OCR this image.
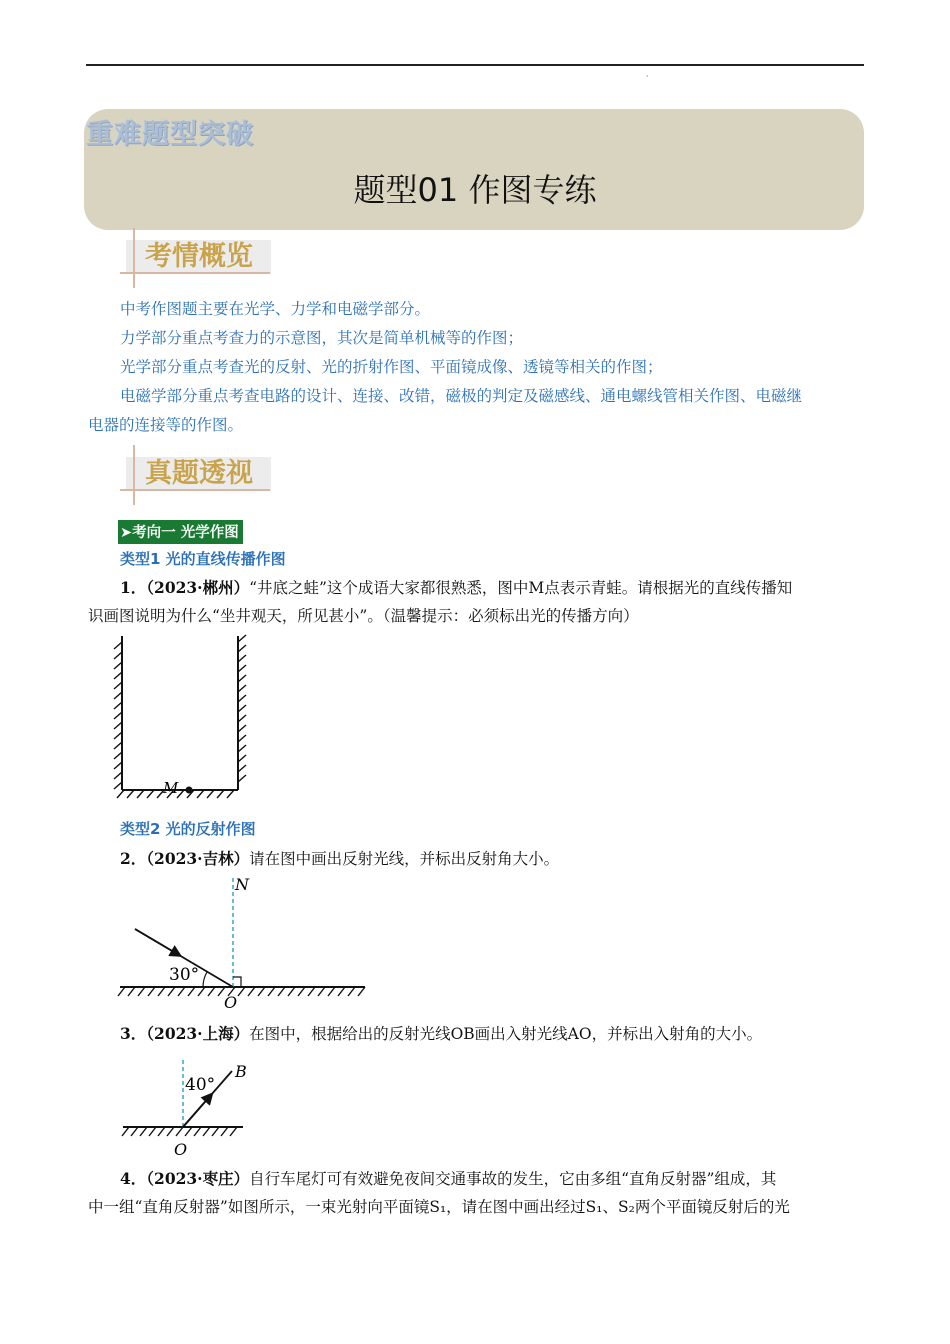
·
重难题型突破
题型01 作图专练
考情概览
中考作图题主要在光学、力学和电磁学部分。
力学部分重点考查力的示意图，其次是简单机械等的作图；
光学部分重点考查光的反射、光的折射作图、平面镜成像、透镜等相关的作图；
电磁学部分重点考查电路的设计、连接、改错，磁极的判定及磁感线、通电螺线管相关作图、电磁继
电器的连接等的作图。
真题透视
➤考向一 光学作图
类型1 光的直线传播作图
1．（2023·郴州）“井底之蛙”这个成语大家都很熟悉，图中M点表示青蛙。请根据光的直线传播知
识画图说明为什么“坐井观天，所见甚小”。（温馨提示：必须标出光的传播方向）
M
类型2 光的反射作图
2．（2023·吉林）请在图中画出反射光线，并标出反射角大小。
30°
N
O
3．（2023·上海）在图中，根据给出的反射光线OB画出入射光线AO，并标出入射角的大小。
40°
B
O
4．（2023·枣庄）自行车尾灯可有效避免夜间交通事故的发生，它由多组“直角反射器”组成，其
中一组“直角反射器”如图所示，一束光射向平面镜S₁，请在图中画出经过S₁、S₂两个平面镜反射后的光
